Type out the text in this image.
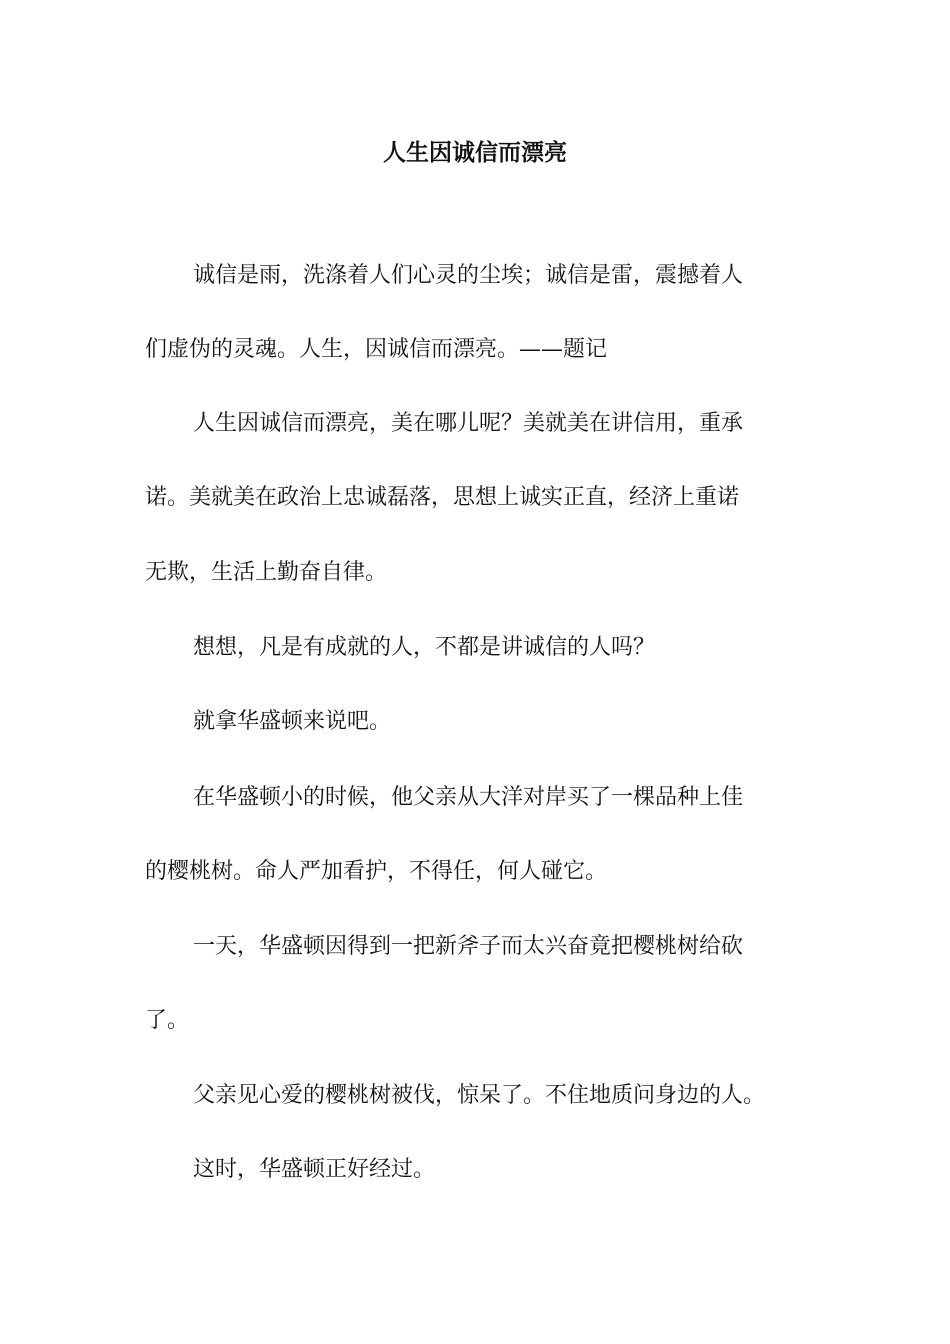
人生因诚信而漂亮
诚信是雨，洗涤着人们心灵的尘埃；诚信是雷，震撼着人
们虚伪的灵魂。人生，因诚信而漂亮。——题记
人生因诚信而漂亮，美在哪儿呢？美就美在讲信用，重承
诺。美就美在政治上忠诚磊落，思想上诚实正直，经济上重诺
无欺，生活上勤奋自律。
想想，凡是有成就的人，不都是讲诚信的人吗？
就拿华盛顿来说吧。
在华盛顿小的时候，他父亲从大洋对岸买了一棵品种上佳
的樱桃树。命人严加看护，不得任，何人碰它。
一天，华盛顿因得到一把新斧子而太兴奋竟把樱桃树给砍
了。
父亲见心爱的樱桃树被伐，惊呆了。不住地质问身边的人。
这时，华盛顿正好经过。
